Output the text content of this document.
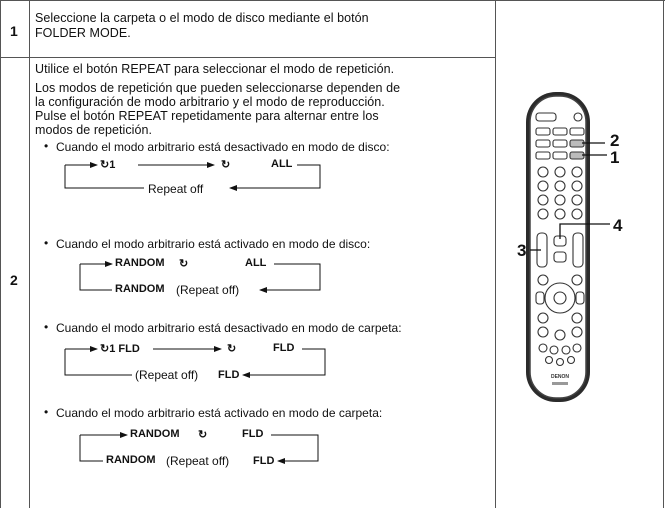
1
Seleccione la carpeta o el modo de disco mediante el botón
FOLDER MODE.
2
Utilice el botón REPEAT para seleccionar el modo de repetición.
Los modos de repetición que pueden seleccionarse dependen de
la configuración de modo arbitrario y el modo de reproducción.
Pulse el botón REPEAT repetidamente para alternar entre los
modos de repetición.
• Cuando el modo arbitrario está desactivado en modo de disco:
↻1	↻	ALL
Repeat off
• Cuando el modo arbitrario está activado en modo de disco:
RANDOM ↻	ALL
RANDOM (Repeat off)
• Cuando el modo arbitrario está desactivado en modo de carpeta:
↻1 FLD	↻	FLD
(Repeat off) FLD
• Cuando el modo arbitrario está activado en modo de carpeta:
RANDOM ↻	FLD
RANDOM (Repeat off) FLD
DENON
2
1
4
3
